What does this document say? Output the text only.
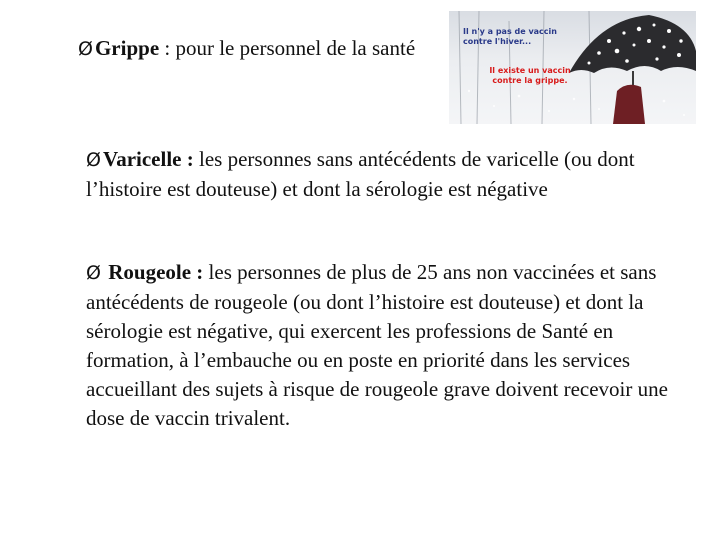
ØGrippe : pour le personnel de la santé
Il n'y a pas de vaccin contre l'hiver...
Il existe un vaccin contre la grippe.
ØVaricelle : les personnes sans antécédents de varicelle (ou dont l’histoire est douteuse) et dont la sérologie est négative
Ø Rougeole : les personnes de plus de 25 ans non vaccinées et sans antécédents de rougeole (ou dont l’histoire est douteuse) et dont la sérologie est négative, qui exercent les professions de Santé en formation, à l’embauche ou en poste en priorité dans les services accueillant des sujets à risque de rougeole grave doivent recevoir une dose de vaccin trivalent.
